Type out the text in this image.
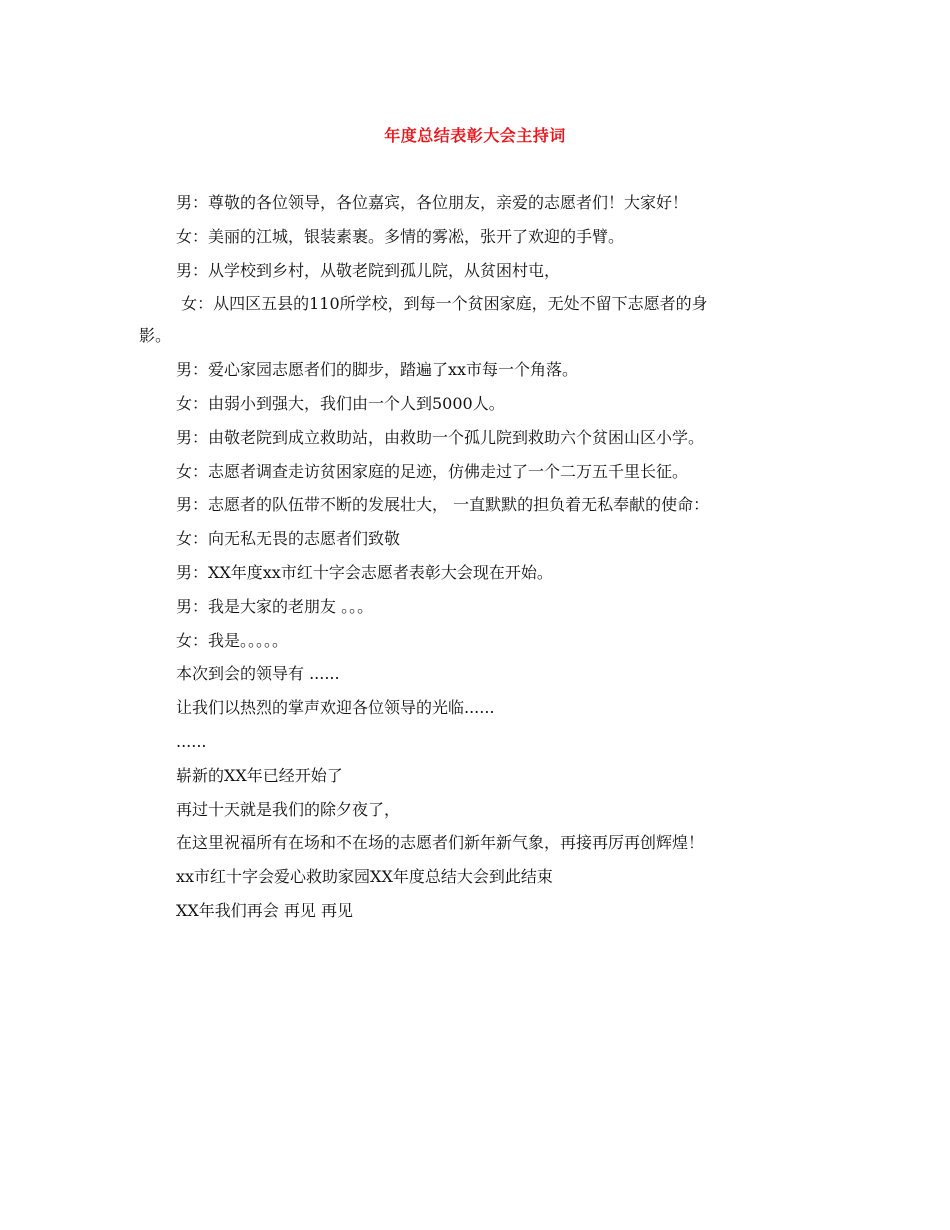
年度总结表彰大会主持词
男：尊敬的各位领导，各位嘉宾，各位朋友，亲爱的志愿者们！大家好！
女：美丽的江城，银装素裹。多情的雾凇，张开了欢迎的手臂。
男：从学校到乡村，从敬老院到孤儿院，从贫困村屯，
女：从四区五县的110所学校，到每一个贫困家庭，无处不留下志愿者的身
影。
男：爱心家园志愿者们的脚步，踏遍了xx市每一个角落。
女：由弱小到强大，我们由一个人到5000人。
男：由敬老院到成立救助站，由救助一个孤儿院到救助六个贫困山区小学。
女：志愿者调查走访贫困家庭的足迹，仿佛走过了一个二万五千里长征。
男：志愿者的队伍带不断的发展壮大， 一直默默的担负着无私奉献的使命：
女：向无私无畏的志愿者们致敬
男：XX年度xx市红十字会志愿者表彰大会现在开始。
男：我是大家的老朋友 。。。
女：我是。。。。。
本次到会的领导有 ......
让我们以热烈的掌声欢迎各位领导的光临......
......
崭新的XX年已经开始了
再过十天就是我们的除夕夜了，
在这里祝福所有在场和不在场的志愿者们新年新气象，再接再厉再创辉煌！
xx市红十字会爱心救助家园XX年度总结大会到此结束
XX年我们再会 再见 再见
